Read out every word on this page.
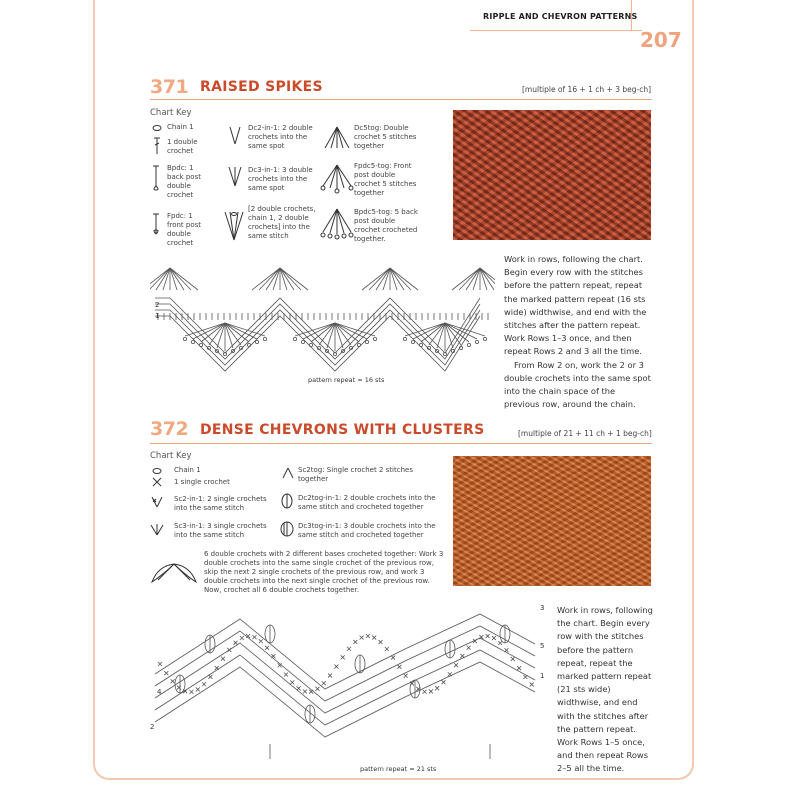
RIPPLE AND CHEVRON PATTERNS
207
371 RAISED SPIKES	[multiple of 16 + 1 ch + 3 beg-ch]
Chart Key
Chain 1
1 double crochet
Bpdc: 1 back post double crochet
Fpdc: 1 front post double crochet
Dc2-in-1: 2 double crochets into the same spot
Dc3-in-1: 3 double crochets into the same spot
[2 double crochets, chain 1, 2 double crochets] into the same stitch
Dc5tog: Double crochet 5 stitches together
Fpdc5-tog: Front post double crochet 5 stitches together
Bpdc5-tog: 5 back post double crochet crocheted together.
pattern repeat = 16 sts
2
1

Work in rows, following the chart. Begin every row with the stitches before the pattern repeat, repeat the marked pattern repeat (16 sts wide) widthwise, and end with the stitches after the pattern repeat. Work Rows 1–3 once, and then repeat Rows 2 and 3 all the time.

From Row 2 on, work the 2 or 3 double crochets into the same spot into the chain space of the previous row, around the chain.

372 DENSE CHEVRONS WITH CLUSTERS	[multiple of 21 + 11 ch + 1 beg-ch]
Chart Key
Chain 1
1 single crochet
Sc2-in-1: 2 single crochets into the same stitch
Sc3-in-1: 3 single crochets into the same stitch
Sc2tog: Single crochet 2 stitches together
Dc2tog-in-1: 2 double crochets into the same stitch and crocheted together
Dc3tog-in-1: 3 double crochets into the same stitch and crocheted together
6 double crochets with 2 different bases crocheted together: Work 3 double crochets into the same single crochet of the previous row, skip the next 2 single crochets of the previous row, and work 3 double crochets into the next single crochet of the previous row. Now, crochet all 6 double crochets together.
pattern repeat = 21 sts
4
2
3
5
1

Work in rows, following the chart. Begin every row with the stitches before the pattern repeat, repeat the marked pattern repeat (21 sts wide) widthwise, and end with the stitches after the pattern repeat. Work Rows 1–5 once, and then repeat Rows 2–5 all the time.
